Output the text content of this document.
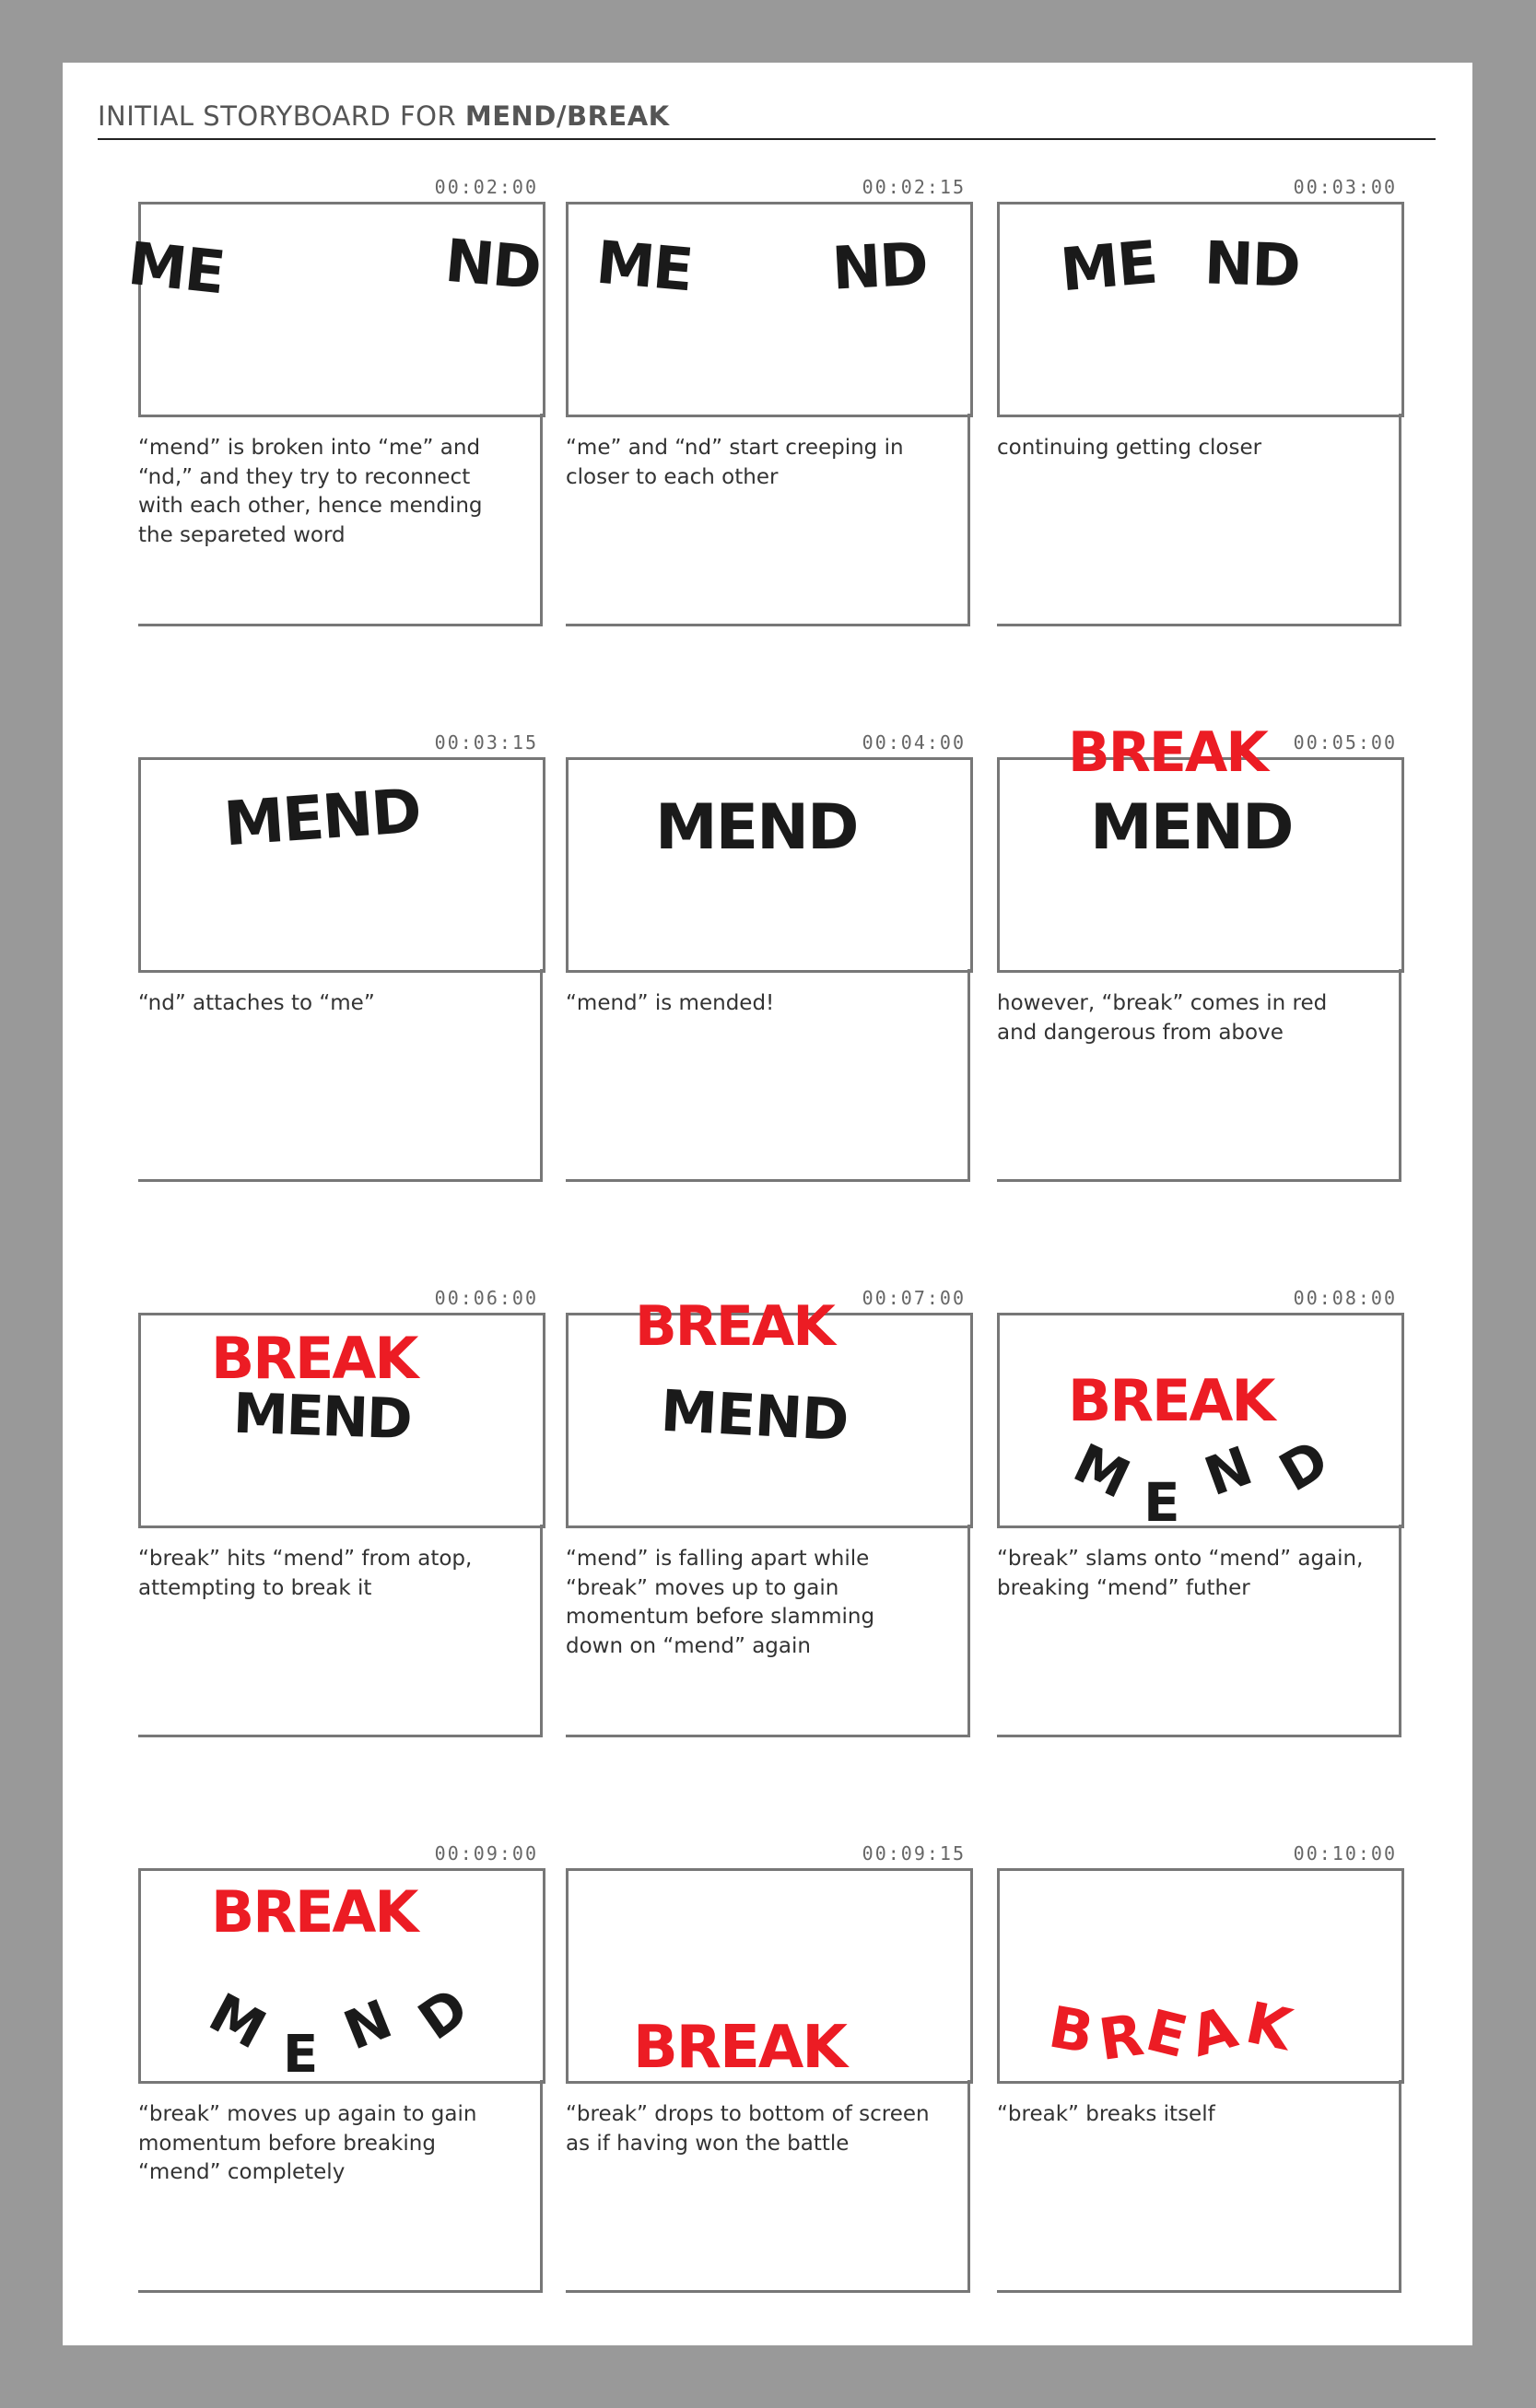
INITIAL STORYBOARD FOR MEND/BREAK
00:02:00
ME	ND
“mend” is broken into “me” and “nd,” and they try to reconnect with each other, hence mending the separeted word
00:02:15
ME ND
“me” and “nd” start creeping in closer to each other
00:03:00
ME ND
continuing getting closer
00:03:15
MEND
“nd” attaches to “me”
00:04:00
MEND
“mend” is mended!
00:05:00
BREAK
MEND
however, “break” comes in red and dangerous from above
00:06:00
BREAK
MEND
“break” hits “mend” from atop, attempting to break it
00:07:00
BREAK
MEND
“mend” is falling apart while “break” moves up to gain momentum before slamming down on “mend” again
00:08:00
BREAK
M E N D
“break” slams onto “mend” again, breaking “mend” futher
00:09:00
BREAK
M E N D
“break” moves up again to gain momentum before breaking “mend” completely
00:09:15
BREAK
“break” drops to bottom of screen as if having won the battle
00:10:00
B
R
E
A
K
“break” breaks itself
